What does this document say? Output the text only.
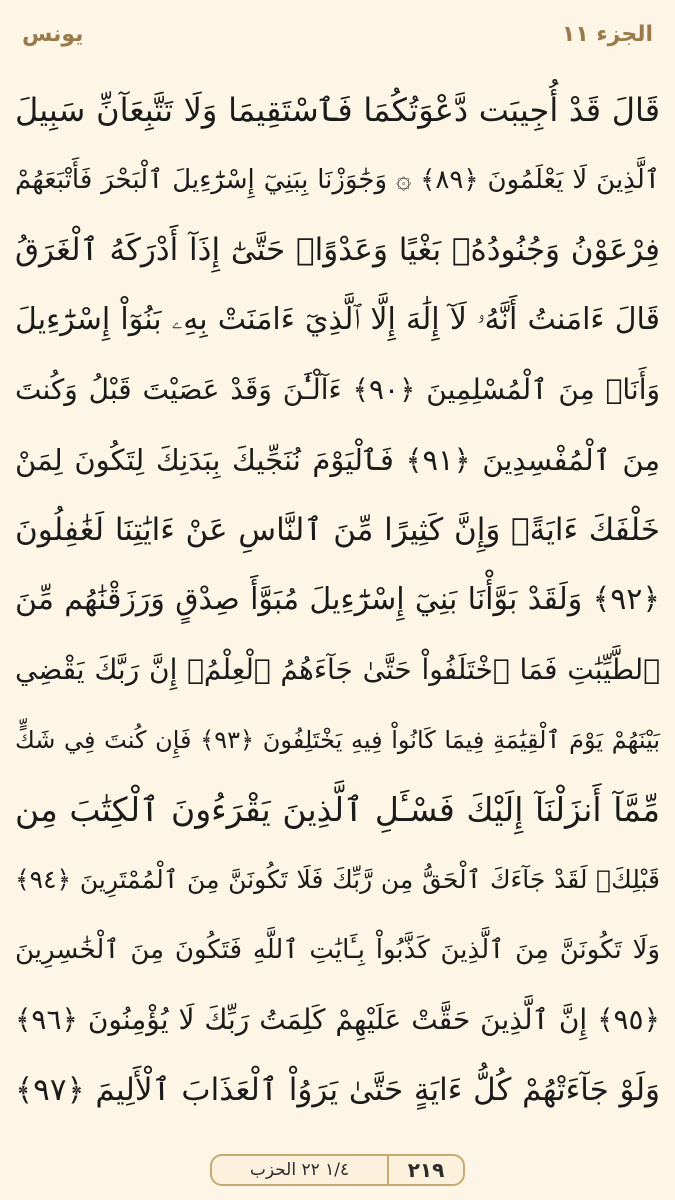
يونس	الجزء ١١
قَالَ قَدْ أُجِيبَت دَّعْوَتُكُمَا فَٱسْتَقِيمَا وَلَا تَتَّبِعَآنِّ سَبِيلَ
ٱلَّذِينَ لَا يَعْلَمُونَ ﴿٨٩﴾ ۞ وَجَٰوَزْنَا بِبَنِيٓ إِسْرَٰٓءِيلَ ٱلْبَحْرَ فَأَتْبَعَهُمْ
فِرْعَوْنُ وَجُنُودُهُۥ بَغْيًا وَعَدْوًاۖ حَتَّىٰٓ إِذَآ أَدْرَكَهُ ٱلْغَرَقُ
قَالَ ءَامَنتُ أَنَّهُۥ لَآ إِلَٰهَ إِلَّا ٱلَّذِيٓ ءَامَنَتْ بِهِۦ بَنُوٓاْ إِسْرَٰٓءِيلَ
وَأَنَا۠ مِنَ ٱلْمُسْلِمِينَ ﴿٩٠﴾ ءَآلْـَٰٔنَ وَقَدْ عَصَيْتَ قَبْلُ وَكُنتَ
مِنَ ٱلْمُفْسِدِينَ ﴿٩١﴾ فَٱلْيَوْمَ نُنَجِّيكَ بِبَدَنِكَ لِتَكُونَ لِمَنْ
خَلْفَكَ ءَايَةًۚ وَإِنَّ كَثِيرًا مِّنَ ٱلنَّاسِ عَنْ ءَايَٰتِنَا لَغَٰفِلُونَ
﴿٩٢﴾ وَلَقَدْ بَوَّأْنَا بَنِيٓ إِسْرَٰٓءِيلَ مُبَوَّأَ صِدْقٍ وَرَزَقْنَٰهُم مِّنَ
ٱلطَّيِّبَٰتِ فَمَا ٱخْتَلَفُواْ حَتَّىٰ جَآءَهُمُ ٱلْعِلْمُۚ إِنَّ رَبَّكَ يَقْضِي
بَيْنَهُمْ يَوْمَ ٱلْقِيَٰمَةِ فِيمَا كَانُواْ فِيهِ يَخْتَلِفُونَ ﴿٩٣﴾ فَإِن كُنتَ فِي شَكٍّ
مِّمَّآ أَنزَلْنَآ إِلَيْكَ فَسْـَٔلِ ٱلَّذِينَ يَقْرَءُونَ ٱلْكِتَٰبَ مِن
قَبْلِكَۚ لَقَدْ جَآءَكَ ٱلْحَقُّ مِن رَّبِّكَ فَلَا تَكُونَنَّ مِنَ ٱلْمُمْتَرِينَ ﴿٩٤﴾
وَلَا تَكُونَنَّ مِنَ ٱلَّذِينَ كَذَّبُواْ بِـَٔايَٰتِ ٱللَّهِ فَتَكُونَ مِنَ ٱلْخَٰسِرِينَ
﴿٩٥﴾ إِنَّ ٱلَّذِينَ حَقَّتْ عَلَيْهِمْ كَلِمَتُ رَبِّكَ لَا يُؤْمِنُونَ ﴿٩٦﴾
وَلَوْ جَآءَتْهُمْ كُلُّ ءَايَةٍ حَتَّىٰ يَرَوُاْ ٱلْعَذَابَ ٱلْأَلِيمَ ﴿٩٧﴾
٢١٩
١/٤ ٢٢ الحزب
